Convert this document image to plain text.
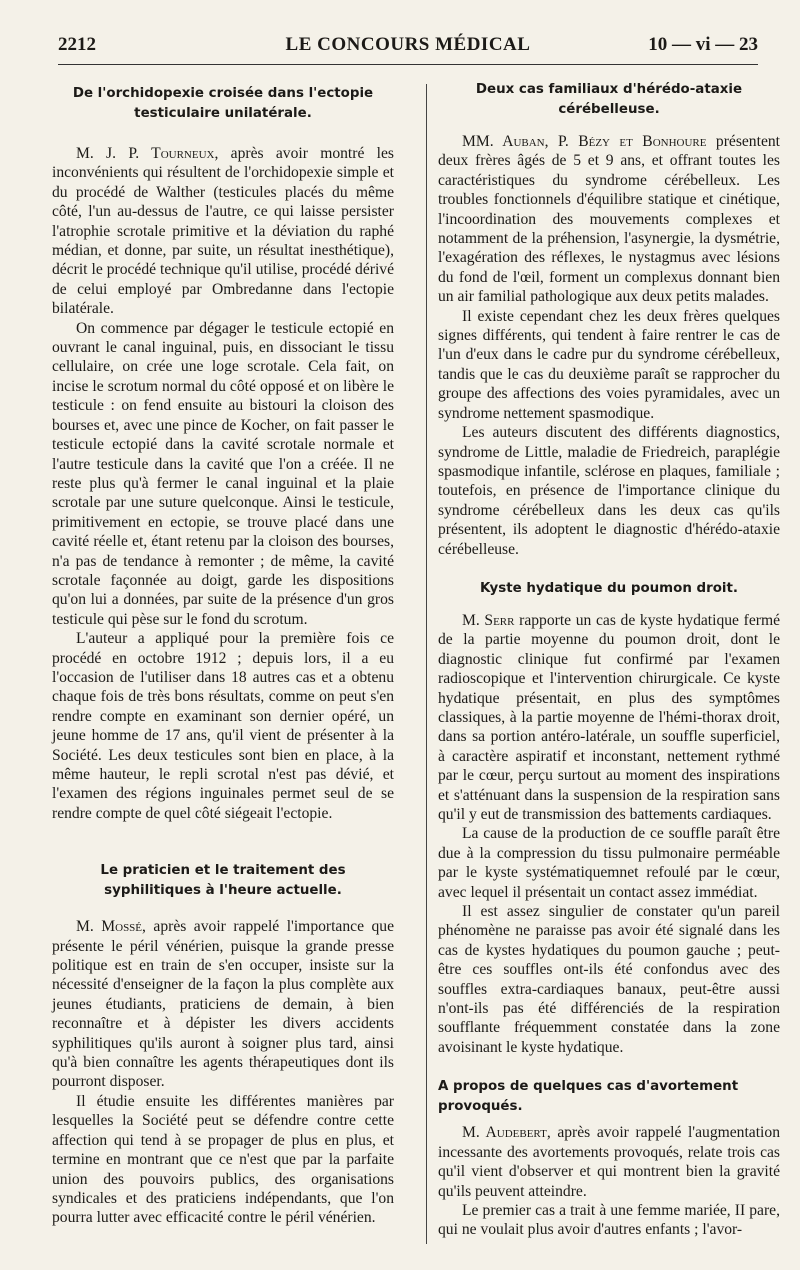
2212	LE CONCOURS MÉDICAL	10 — vi — 23
De l'orchidopexie croisée dans l'ectopie testiculaire unilatérale.

M. J. P. Tourneux, après avoir montré les inconvénients qui résultent de l'orchidopexie simple et du procédé de Walther (testicules placés du même côté, l'un au-dessus de l'autre, ce qui laisse persister l'atrophie scrotale primitive et la déviation du raphé médian, et donne, par suite, un résultat inesthétique), décrit le procédé technique qu'il utilise, procédé dérivé de celui employé par Ombredanne dans l'ectopie bilatérale.

On commence par dégager le testicule ectopié en ouvrant le canal inguinal, puis, en dissociant le tissu cellulaire, on crée une loge scrotale. Cela fait, on incise le scrotum normal du côté opposé et on libère le testicule : on fend ensuite au bistouri la cloison des bourses et, avec une pince de Kocher, on fait passer le testicule ectopié dans la cavité scrotale normale et l'autre testicule dans la cavité que l'on a créée. Il ne reste plus qu'à fermer le canal inguinal et la plaie scrotale par une suture quelconque. Ainsi le testicule, primitivement en ectopie, se trouve placé dans une cavité réelle et, étant retenu par la cloison des bourses, n'a pas de tendance à remonter ; de même, la cavité scrotale façonnée au doigt, garde les dispositions qu'on lui a données, par suite de la présence d'un gros testicule qui pèse sur le fond du scrotum.

L'auteur a appliqué pour la première fois ce procédé en octobre 1912 ; depuis lors, il a eu l'occasion de l'utiliser dans 18 autres cas et a obtenu chaque fois de très bons résultats, comme on peut s'en rendre compte en examinant son dernier opéré, un jeune homme de 17 ans, qu'il vient de présenter à la Société. Les deux testicules sont bien en place, à la même hauteur, le repli scrotal n'est pas dévié, et l'examen des régions inguinales permet seul de se rendre compte de quel côté siégeait l'ectopie.

Le praticien et le traitement des syphilitiques à l'heure actuelle.

M. Mossé, après avoir rappelé l'importance que présente le péril vénérien, puisque la grande presse politique est en train de s'en occuper, insiste sur la nécessité d'enseigner de la façon la plus complète aux jeunes étudiants, praticiens de demain, à bien reconnaître et à dépister les divers accidents syphilitiques qu'ils auront à soigner plus tard, ainsi qu'à bien connaître les agents thérapeutiques dont ils pourront disposer.

Il étudie ensuite les différentes manières par lesquelles la Société peut se défendre contre cette affection qui tend à se propager de plus en plus, et termine en montrant que ce n'est que par la parfaite union des pouvoirs publics, des organisations syndicales et des praticiens indépendants, que l'on pourra lutter avec efficacité contre le péril vénérien.

Deux cas familiaux d'hérédo-ataxie cérébelleuse.

MM. Auban, P. Bézy et Bonhoure présentent deux frères âgés de 5 et 9 ans, et offrant toutes les caractéristiques du syndrome cérébelleux. Les troubles fonctionnels d'équilibre statique et cinétique, l'incoordination des mouvements complexes et notamment de la préhension, l'asynergie, la dysmétrie, l'exagération des réflexes, le nystagmus avec lésions du fond de l'œil, forment un complexus donnant bien un air familial pathologique aux deux petits malades.

Il existe cependant chez les deux frères quelques signes différents, qui tendent à faire rentrer le cas de l'un d'eux dans le cadre pur du syndrome cérébelleux, tandis que le cas du deuxième paraît se rapprocher du groupe des affections des voies pyramidales, avec un syndrome nettement spasmodique.

Les auteurs discutent des différents diagnostics, syndrome de Little, maladie de Friedreich, paraplégie spasmodique infantile, sclérose en plaques, familiale ; toutefois, en présence de l'importance clinique du syndrome cérébelleux dans les deux cas qu'ils présentent, ils adoptent le diagnostic d'hérédo-ataxie cérébelleuse.

Kyste hydatique du poumon droit.

M. Serr rapporte un cas de kyste hydatique fermé de la partie moyenne du poumon droit, dont le diagnostic clinique fut confirmé par l'examen radioscopique et l'intervention chirurgicale. Ce kyste hydatique présentait, en plus des symptômes classiques, à la partie moyenne de l'hémi-thorax droit, dans sa portion antéro-latérale, un souffle superficiel, à caractère aspiratif et inconstant, nettement rythmé par le cœur, perçu surtout au moment des inspirations et s'atténuant dans la suspension de la respiration sans qu'il y eut de transmission des battements cardiaques.

La cause de la production de ce souffle paraît être due à la compression du tissu pulmonaire perméable par le kyste systématiquemnet refoulé par le cœur, avec lequel il présentait un contact assez immédiat.

Il est assez singulier de constater qu'un pareil phénomène ne paraisse pas avoir été signalé dans les cas de kystes hydatiques du poumon gauche ; peut-être ces souffles ont-ils été confondus avec des souffles extra-cardiaques banaux, peut-être aussi n'ont-ils pas été différenciés de la respiration soufflante fréquemment constatée dans la zone avoisinant le kyste hydatique.

A propos de quelques cas d'avortement provoqués.

M. Audebert, après avoir rappelé l'augmentation incessante des avortements provoqués, relate trois cas qu'il vient d'observer et qui montrent bien la gravité qu'ils peuvent atteindre.

Le premier cas a trait à une femme mariée, II pare, qui ne voulait plus avoir d'autres enfants ; l'avor-
